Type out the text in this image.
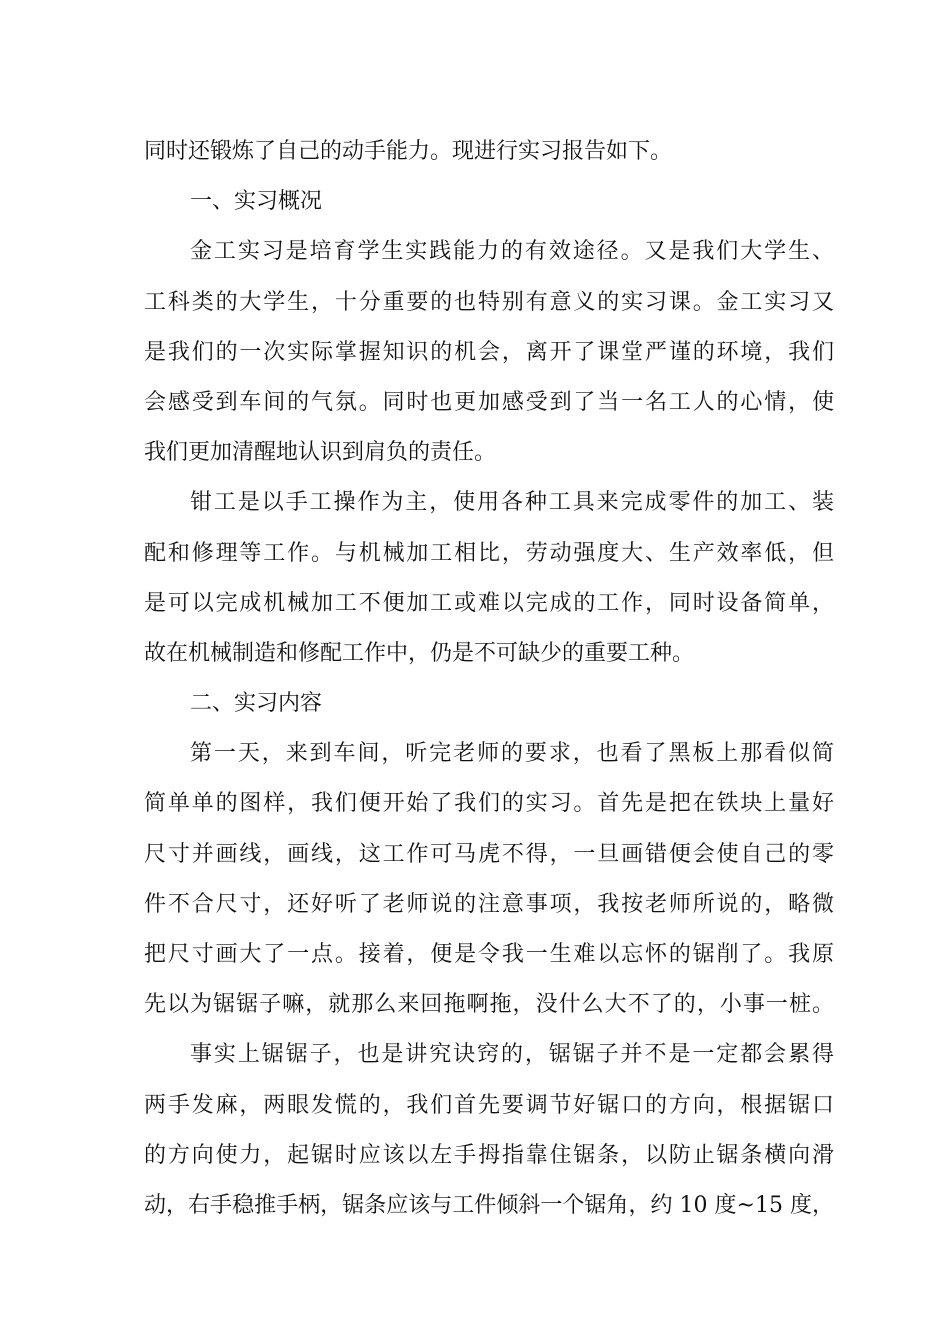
同时还锻炼了自己的动手能力。现进行实习报告如下。
一、实习概况
金工实习是培育学生实践能力的有效途径。又是我们大学生、
工科类的大学生，十分重要的也特别有意义的实习课。金工实习又
是我们的一次实际掌握知识的机会，离开了课堂严谨的环境，我们
会感受到车间的气氛。同时也更加感受到了当一名工人的心情，使
我们更加清醒地认识到肩负的责任。
钳工是以手工操作为主，使用各种工具来完成零件的加工、装
配和修理等工作。与机械加工相比，劳动强度大、生产效率低，但
是可以完成机械加工不便加工或难以完成的工作，同时设备简单，
故在机械制造和修配工作中，仍是不可缺少的重要工种。
二、实习内容
第一天，来到车间，听完老师的要求，也看了黑板上那看似简
简单单的图样，我们便开始了我们的实习。首先是把在铁块上量好
尺寸并画线，画线，这工作可马虎不得，一旦画错便会使自己的零
件不合尺寸，还好听了老师说的注意事项，我按老师所说的，略微
把尺寸画大了一点。接着，便是令我一生难以忘怀的锯削了。我原
先以为锯锯子嘛，就那么来回拖啊拖，没什么大不了的，小事一桩。
事实上锯锯子，也是讲究诀窍的，锯锯子并不是一定都会累得
两手发麻，两眼发慌的，我们首先要调节好锯口的方向，根据锯口
的方向使力，起锯时应该以左手拇指靠住锯条，以防止锯条横向滑
动，右手稳推手柄，锯条应该与工件倾斜一个锯角，约 10 度~15 度，
